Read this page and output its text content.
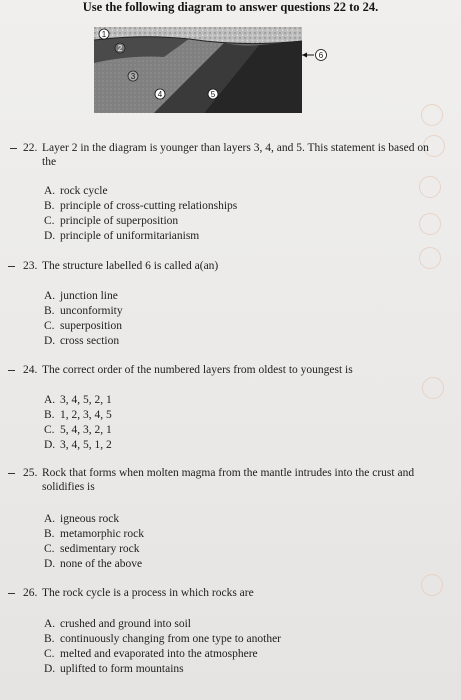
Use the following diagram to answer questions 22 to 24.
1
2
3
4	5
6
22. Layer 2 in the diagram is younger than layers 3, 4, and 5. This statement is based on the
A. rock cycle
B. principle of cross-cutting relationships
C. principle of superposition
D. principle of uniformitarianism
23. The structure labelled 6 is called a(an)
A. junction line
B. unconformity
C. superposition
D. cross section
24. The correct order of the numbered layers from oldest to youngest is
A. 3, 4, 5, 2, 1
B. 1, 2, 3, 4, 5
C. 5, 4, 3, 2, 1
D. 3, 4, 5, 1, 2
25. Rock that forms when molten magma from the mantle intrudes into the crust and solidifies is
A. igneous rock
B. metamorphic rock
C. sedimentary rock
D. none of the above
26. The rock cycle is a process in which rocks are
A. crushed and ground into soil
B. continuously changing from one type to another
C. melted and evaporated into the atmosphere
D. uplifted to form mountains
